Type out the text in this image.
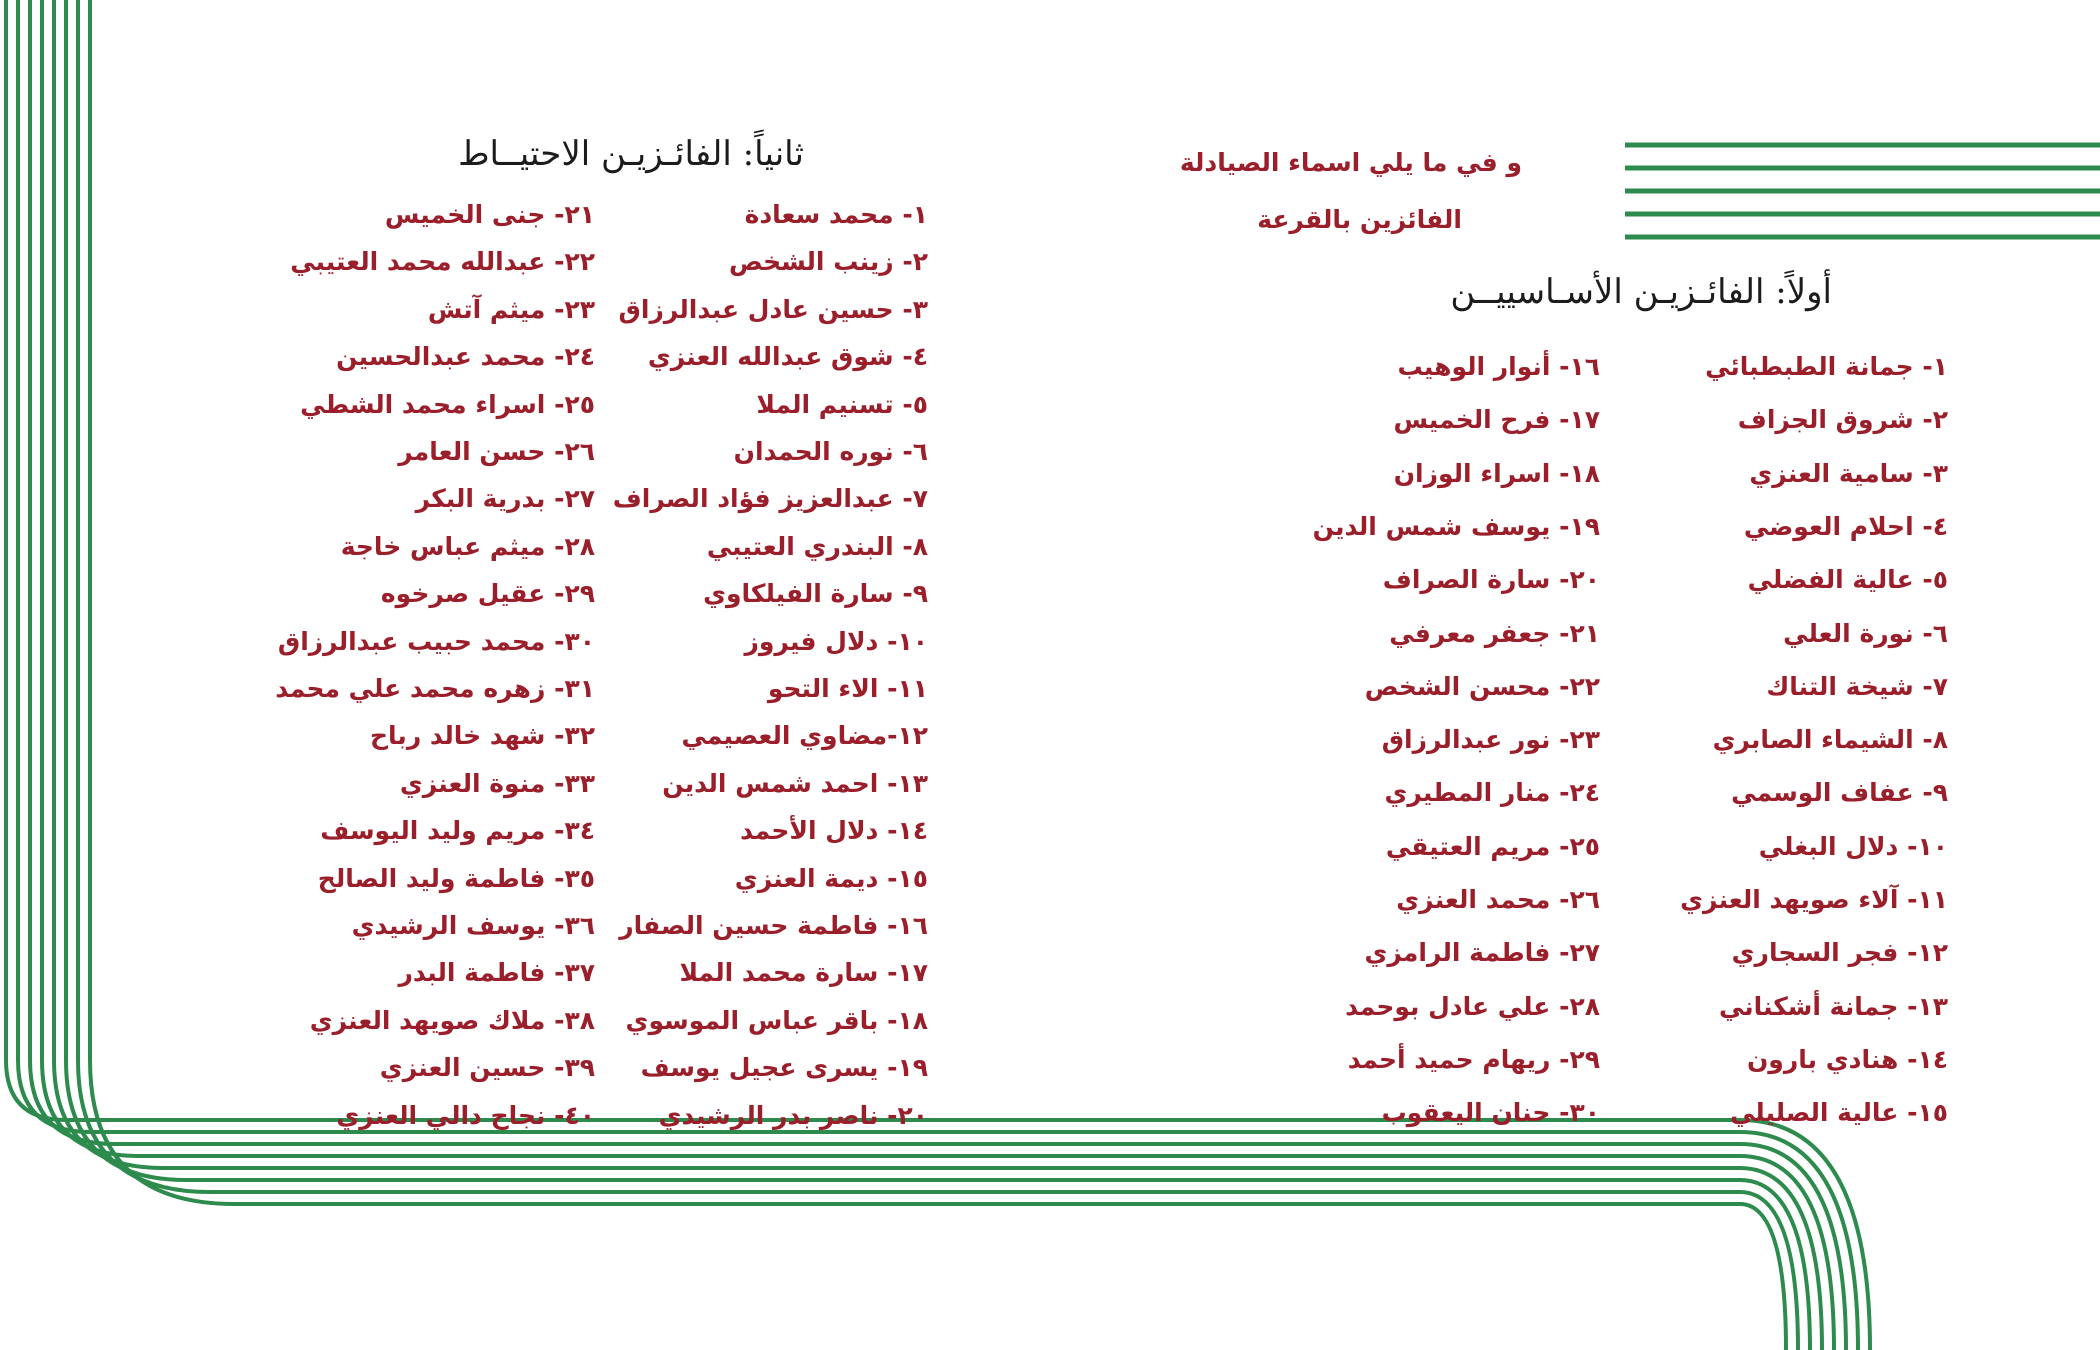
و في ما يلي اسماء الصيادلة
الفائزين بالقرعة
أولاً: الفائـزيـن الأسـاسييــن
ثانياً: الفائـزيـن الاحتيــاط
١- جمانة الطبطبائي
٢- شروق الجزاف
٣- سامية العنزي
٤- احلام العوضي
٥- عالية الفضلي
٦- نورة العلي
٧- شيخة التناك
٨- الشيماء الصابري
٩- عفاف الوسمي
١٠- دلال البغلي
١١- آلاء صويهد العنزي
١٢- فجر السجاري
١٣- جمانة أشكناني
١٤- هنادي بارون
١٥- عالية الصليلي
١٦- أنوار الوهيب
١٧- فرح الخميس
١٨- اسراء الوزان
١٩- يوسف شمس الدين
٢٠- سارة الصراف
٢١- جعفر معرفي
٢٢- محسن الشخص
٢٣- نور عبدالرزاق
٢٤- منار المطيري
٢٥- مريم العتيقي
٢٦- محمد العنزي
٢٧- فاطمة الرامزي
٢٨- علي عادل بوحمد
٢٩- ريهام حميد أحمد
٣٠- حنان اليعقوب
١- محمد سعادة
٢- زينب الشخص
٣- حسين عادل عبدالرزاق
٤- شوق عبدالله العنزي
٥- تسنيم الملا
٦- نوره الحمدان
٧- عبدالعزيز فؤاد الصراف
٨- البندري العتيبي
٩- سارة الفيلكاوي
١٠- دلال فيروز
١١- الاء التحو
١٢-مضاوي العصيمي
١٣- احمد شمس الدين
١٤- دلال الأحمد
١٥- ديمة العنزي
١٦- فاطمة حسين الصفار
١٧- سارة محمد الملا
١٨- باقر عباس الموسوي
١٩- يسرى عجيل يوسف
٢٠- ناصر بدر الرشيدي
٢١- جنى الخميس
٢٢- عبدالله محمد العتيبي
٢٣- ميثم آتش
٢٤- محمد عبدالحسين
٢٥- اسراء محمد الشطي
٢٦- حسن العامر
٢٧- بدرية البكر
٢٨- ميثم عباس خاجة
٢٩- عقيل صرخوه
٣٠- محمد حبيب عبدالرزاق
٣١- زهره محمد علي محمد
٣٢- شهد خالد رباح
٣٣- منوة العنزي
٣٤- مريم وليد اليوسف
٣٥- فاطمة وليد الصالح
٣٦- يوسف الرشيدي
٣٧- فاطمة البدر
٣٨- ملاك صويهد العنزي
٣٩- حسين العنزي
٤٠- نجاح دالي العنزي
